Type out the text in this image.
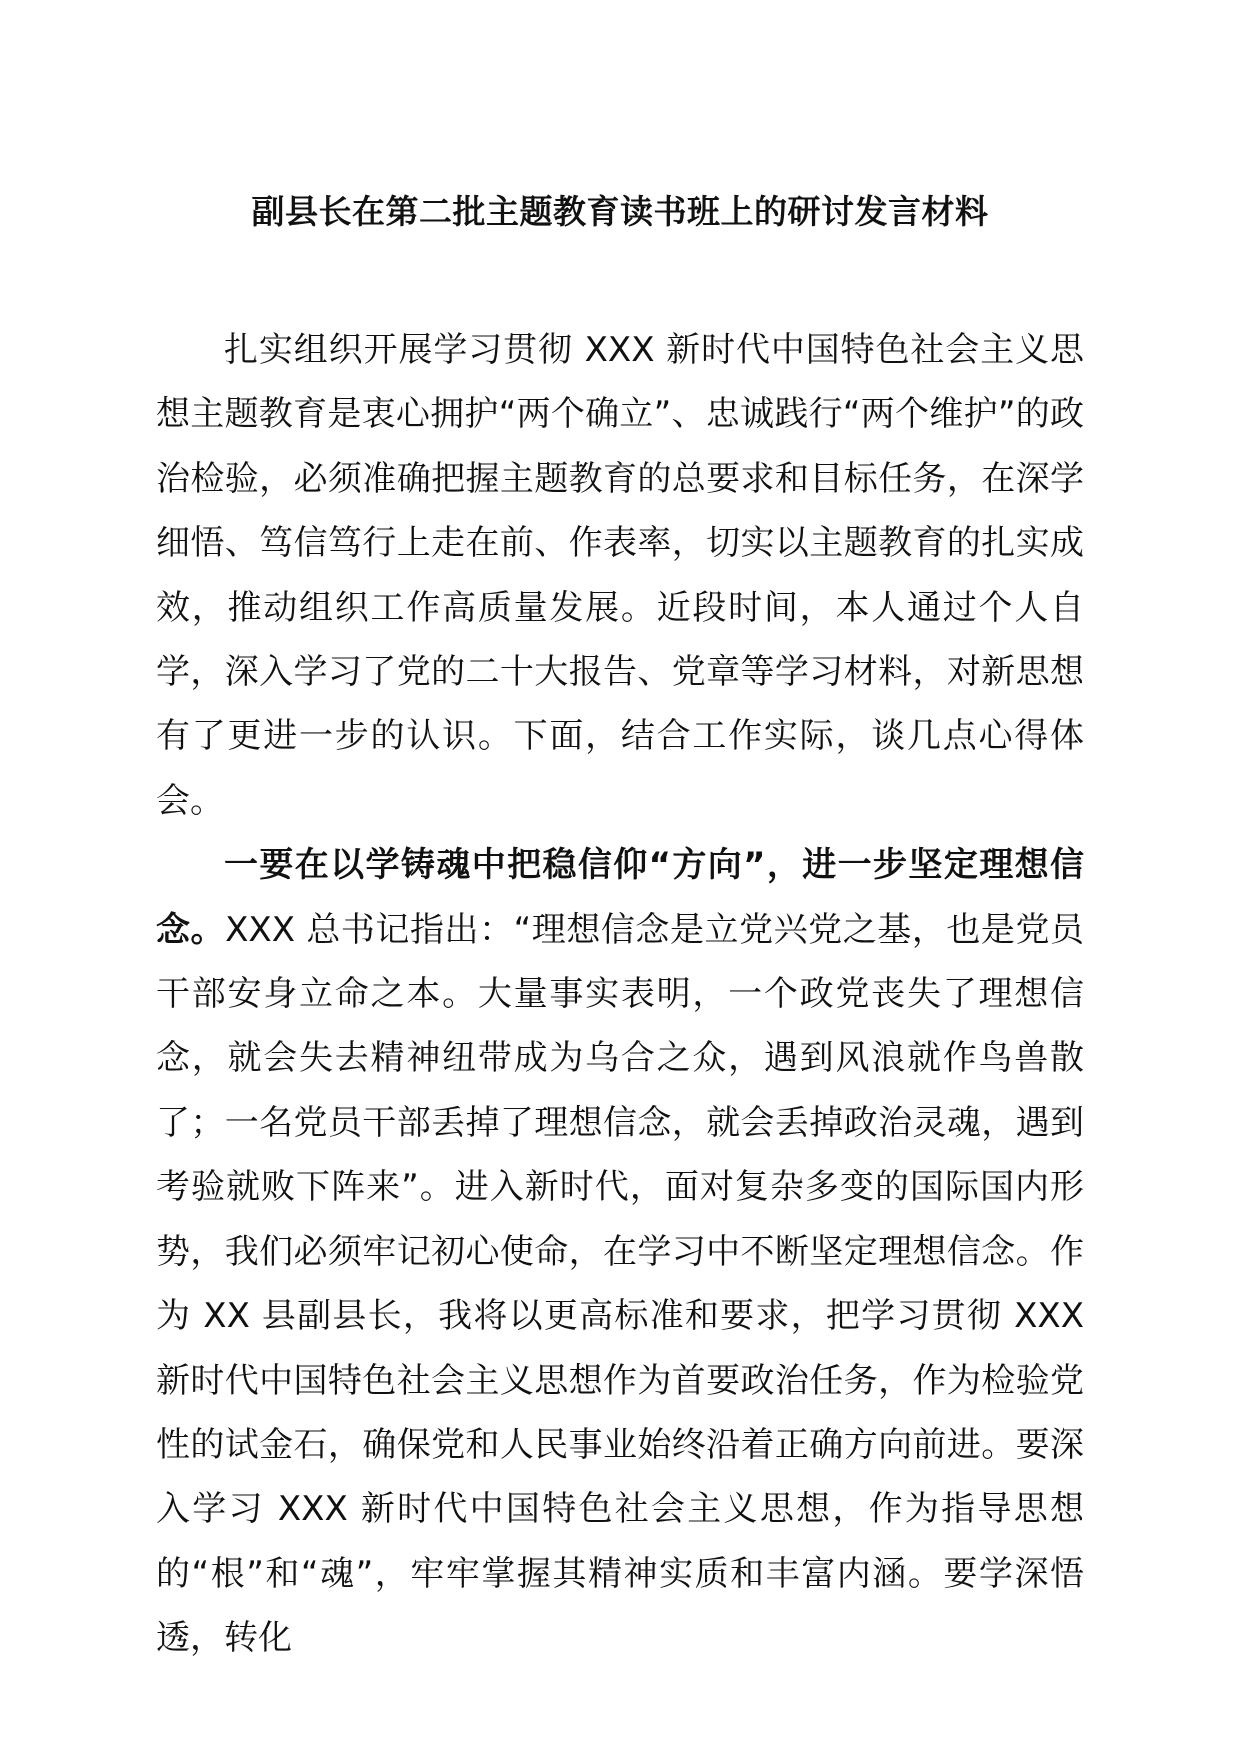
副县长在第二批主题教育读书班上的研讨发言材料

扎实组织开展学习贯彻 XXX 新时代中国特色社会主义思想主题教育是衷心拥护“两个确立”、忠诚践行“两个维护”的政治检验，必须准确把握主题教育的总要求和目标任务，在深学细悟、笃信笃行上走在前、作表率，切实以主题教育的扎实成效，推动组织工作高质量发展。近段时间，本人通过个人自学，深入学习了党的二十大报告、党章等学习材料，对新思想有了更进一步的认识。下面，结合工作实际，谈几点心得体会。

一要在以学铸魂中把稳信仰“方向”，进一步坚定理想信念。XXX 总书记指出：“理想信念是立党兴党之基，也是党员干部安身立命之本。大量事实表明，一个政党丧失了理想信念，就会失去精神纽带成为乌合之众，遇到风浪就作鸟兽散了；一名党员干部丢掉了理想信念，就会丢掉政治灵魂，遇到考验就败下阵来”。进入新时代，面对复杂多变的国际国内形势，我们必须牢记初心使命，在学习中不断坚定理想信念。作为 XX 县副县长，我将以更高标准和要求，把学习贯彻 XXX 新时代中国特色社会主义思想作为首要政治任务，作为检验党性的试金石，确保党和人民事业始终沿着正确方向前进。要深入学习 XXX 新时代中国特色社会主义思想，作为指导思想的“根”和“魂”，牢牢掌握其精神实质和丰富内涵。要学深悟透，转化
